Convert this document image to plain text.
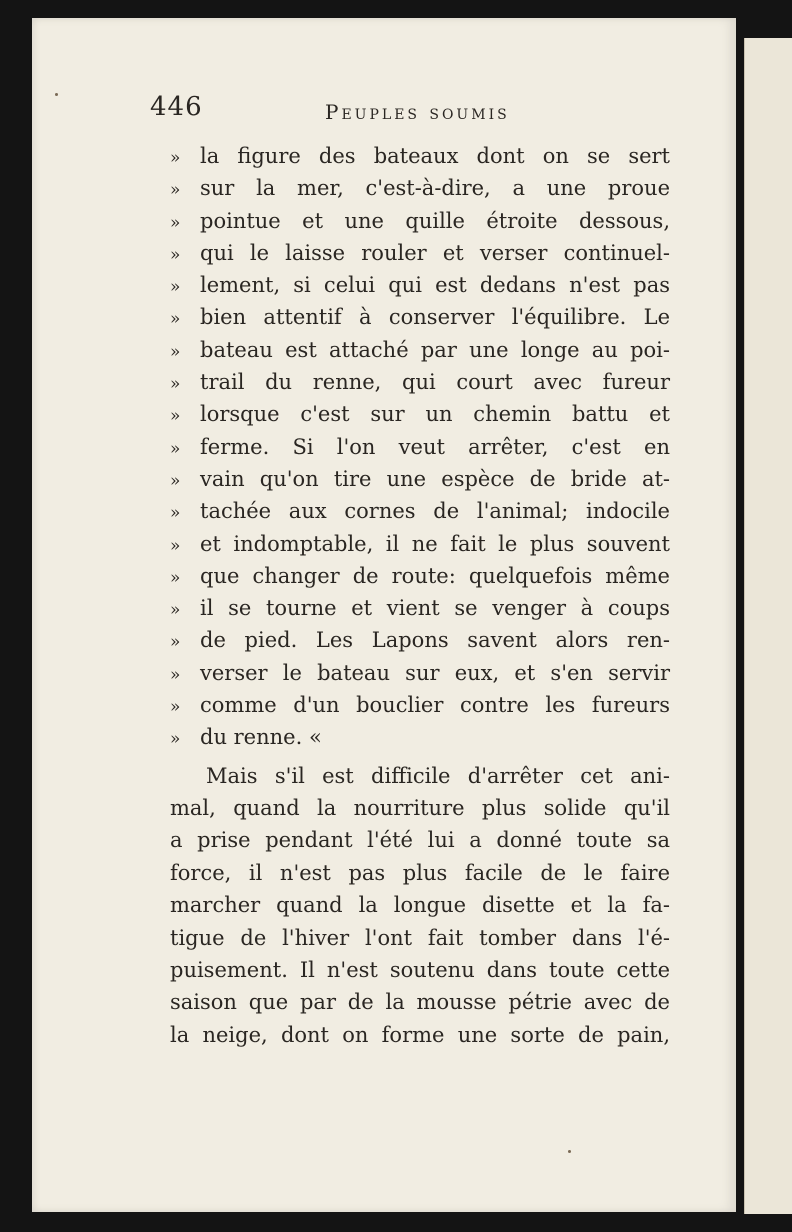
446	Peuples soumis
» la figure des bateaux dont on se sert
» sur la mer, c'est-à-dire, a une proue
» pointue et une quille étroite dessous,
» qui le laisse rouler et verser continuel-
» lement, si celui qui est dedans n'est pas
» bien attentif à conserver l'équilibre. Le
» bateau est attaché par une longe au poi-
» trail du renne, qui court avec fureur
» lorsque c'est sur un chemin battu et
» ferme. Si l'on veut arrêter, c'est en
» vain qu'on tire une espèce de bride at-
» tachée aux cornes de l'animal; indocile
» et indomptable, il ne fait le plus souvent
» que changer de route: quelquefois même
» il se tourne et vient se venger à coups
» de pied. Les Lapons savent alors ren-
» verser le bateau sur eux, et s'en servir
» comme d'un bouclier contre les fureurs
» du renne. «
Mais s'il est difficile d'arrêter cet ani-
mal, quand la nourriture plus solide qu'il
a prise pendant l'été lui a donné toute sa
force, il n'est pas plus facile de le faire
marcher quand la longue disette et la fa-
tigue de l'hiver l'ont fait tomber dans l'é-
puisement. Il n'est soutenu dans toute cette
saison que par de la mousse pétrie avec de
la neige, dont on forme une sorte de pain,
